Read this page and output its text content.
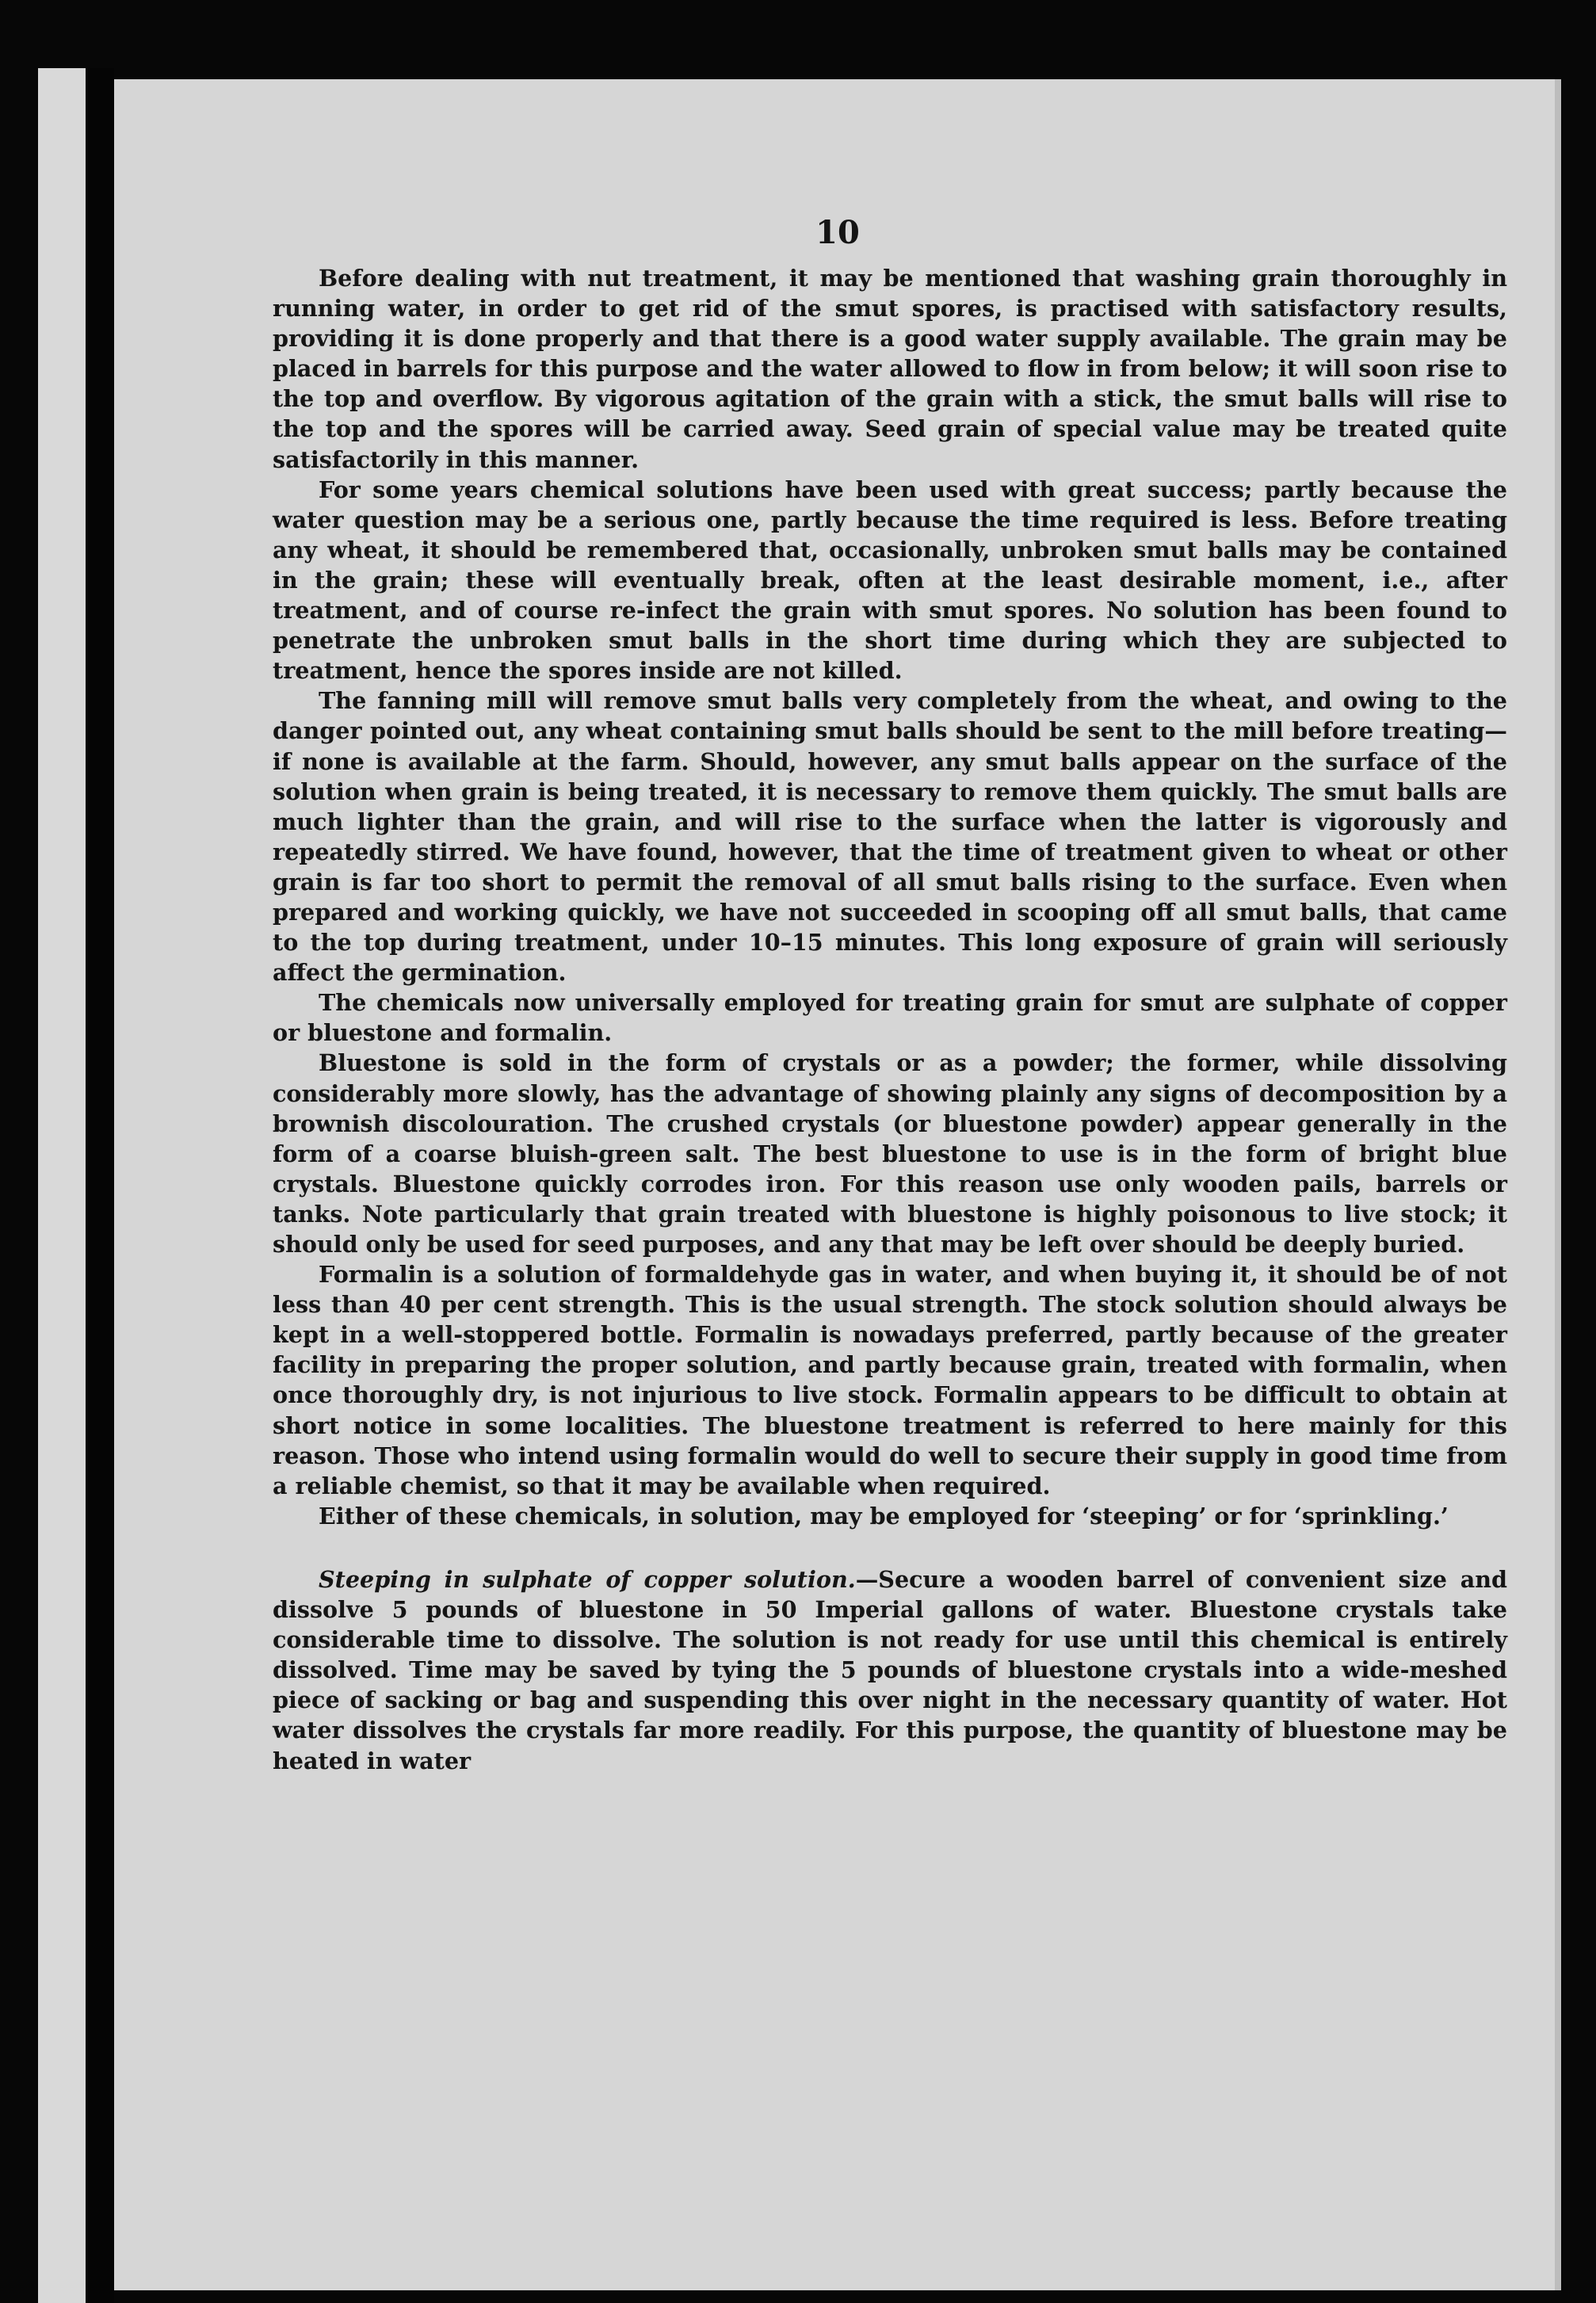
10

Before dealing with nut treatment, it may be mentioned that washing grain thoroughly in running water, in order to get rid of the smut spores, is practised with satisfactory results, providing it is done properly and that there is a good water supply available. The grain may be placed in barrels for this purpose and the water allowed to flow in from below; it will soon rise to the top and overflow. By vigorous agitation of the grain with a stick, the smut balls will rise to the top and the spores will be carried away. Seed grain of special value may be treated quite satisfactorily in this manner.

For some years chemical solutions have been used with great success; partly because the water question may be a serious one, partly because the time required is less. Before treating any wheat, it should be remembered that, occasionally, unbroken smut balls may be contained in the grain; these will eventually break, often at the least desirable moment, i.e., after treatment, and of course re-infect the grain with smut spores. No solution has been found to penetrate the unbroken smut balls in the short time during which they are subjected to treatment, hence the spores inside are not killed.

The fanning mill will remove smut balls very completely from the wheat, and owing to the danger pointed out, any wheat containing smut balls should be sent to the mill before treating—if none is available at the farm. Should, however, any smut balls appear on the surface of the solution when grain is being treated, it is necessary to remove them quickly. The smut balls are much lighter than the grain, and will rise to the surface when the latter is vigorously and repeatedly stirred. We have found, however, that the time of treatment given to wheat or other grain is far too short to permit the removal of all smut balls rising to the surface. Even when prepared and working quickly, we have not succeeded in scooping off all smut balls, that came to the top during treatment, under 10–15 minutes. This long exposure of grain will seriously affect the germination.

The chemicals now universally employed for treating grain for smut are sulphate of copper or bluestone and formalin.

Bluestone is sold in the form of crystals or as a powder; the former, while dissolving considerably more slowly, has the advantage of showing plainly any signs of decomposition by a brownish discolouration. The crushed crystals (or bluestone powder) appear generally in the form of a coarse bluish-green salt. The best bluestone to use is in the form of bright blue crystals. Bluestone quickly corrodes iron. For this reason use only wooden pails, barrels or tanks. Note particularly that grain treated with bluestone is highly poisonous to live stock; it should only be used for seed purposes, and any that may be left over should be deeply buried.

Formalin is a solution of formaldehyde gas in water, and when buying it, it should be of not less than 40 per cent strength. This is the usual strength. The stock solution should always be kept in a well-stoppered bottle. Formalin is nowadays preferred, partly because of the greater facility in preparing the proper solution, and partly because grain, treated with formalin, when once thoroughly dry, is not injurious to live stock. Formalin appears to be difficult to obtain at short notice in some localities. The bluestone treatment is referred to here mainly for this reason. Those who intend using formalin would do well to secure their supply in good time from a reliable chemist, so that it may be available when required.

Either of these chemicals, in solution, may be employed for ‘steeping’ or for ‘sprinkling.’

Steeping in sulphate of copper solution.—Secure a wooden barrel of convenient size and dissolve 5 pounds of bluestone in 50 Imperial gallons of water. Bluestone crystals take considerable time to dissolve. The solution is not ready for use until this chemical is entirely dissolved. Time may be saved by tying the 5 pounds of bluestone crystals into a wide-meshed piece of sacking or bag and suspending this over night in the necessary quantity of water. Hot water dissolves the crystals far more readily. For this purpose, the quantity of bluestone may be heated in water
